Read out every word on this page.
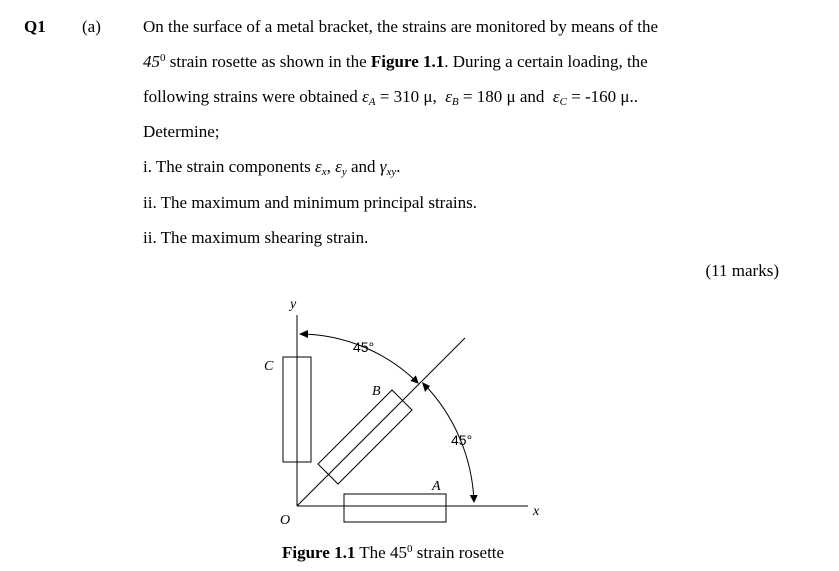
Q1 (a) On the surface of a metal bracket, the strains are monitored by means of the
$45^0$ strain rosette as shown in the Figure 1.1. During a certain loading, the
following strains were obtained $\varepsilon_A = 310$ μ,  $\varepsilon_B = 180$ μ and  $\varepsilon_C = -160$ μ..
Determine;
i. The strain components $\varepsilon_x$, $\varepsilon_y$ and $\gamma_{xy}$.
ii. The maximum and minimum principal strains.
ii. The maximum shearing strain.
(11 marks)
y
x
O
A
B
C
45°
45°
Figure 1.1 The $45^0$ strain rosette
